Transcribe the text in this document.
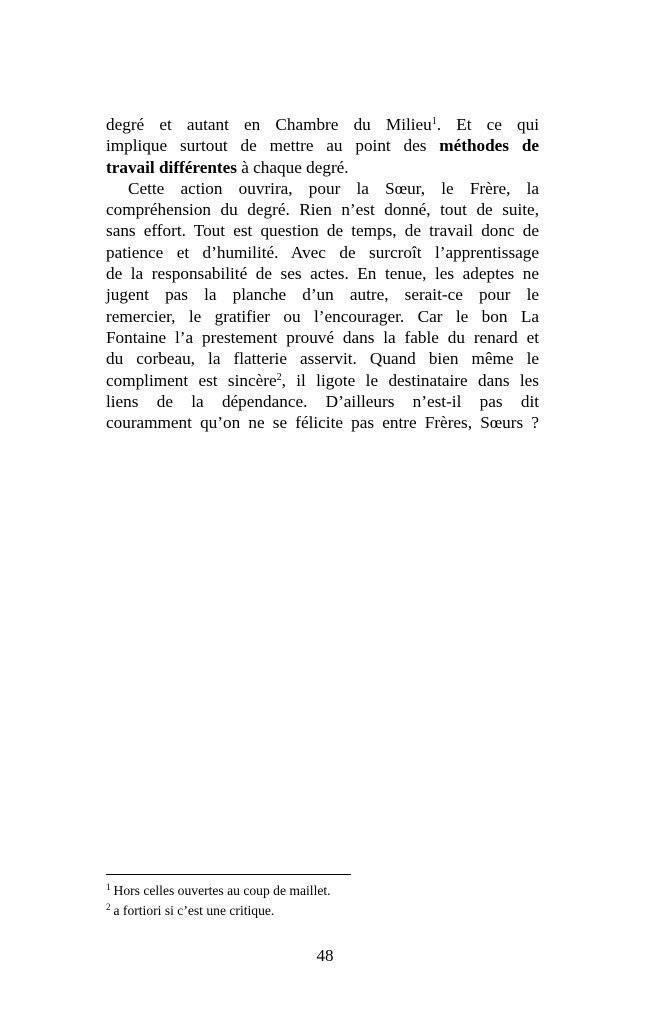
degré et autant en Chambre du Milieu$^1$. Et ce qui
implique surtout de mettre au point des méthodes de
travail différentes à chaque degré.
Cette action ouvrira, pour la Sœur, le Frère, la
compréhension du degré. Rien n’est donné, tout de suite,
sans effort. Tout est question de temps, de travail donc de
patience et d’humilité. Avec de surcroît l’apprentissage
de la responsabilité de ses actes. En tenue, les adeptes ne
jugent pas la planche d’un autre, serait-ce pour le
remercier, le gratifier ou l’encourager. Car le bon La
Fontaine l’a prestement prouvé dans la fable du renard et
du corbeau, la flatterie asservit. Quand bien même le
compliment est sincère$^2$, il ligote le destinataire dans les
liens de la dépendance. D’ailleurs n’est-il pas dit
couramment qu’on ne se félicite pas entre Frères, Sœurs ?
$^1$ Hors celles ouvertes au coup de maillet.
$^2$ a fortiori si c’est une critique.
48
